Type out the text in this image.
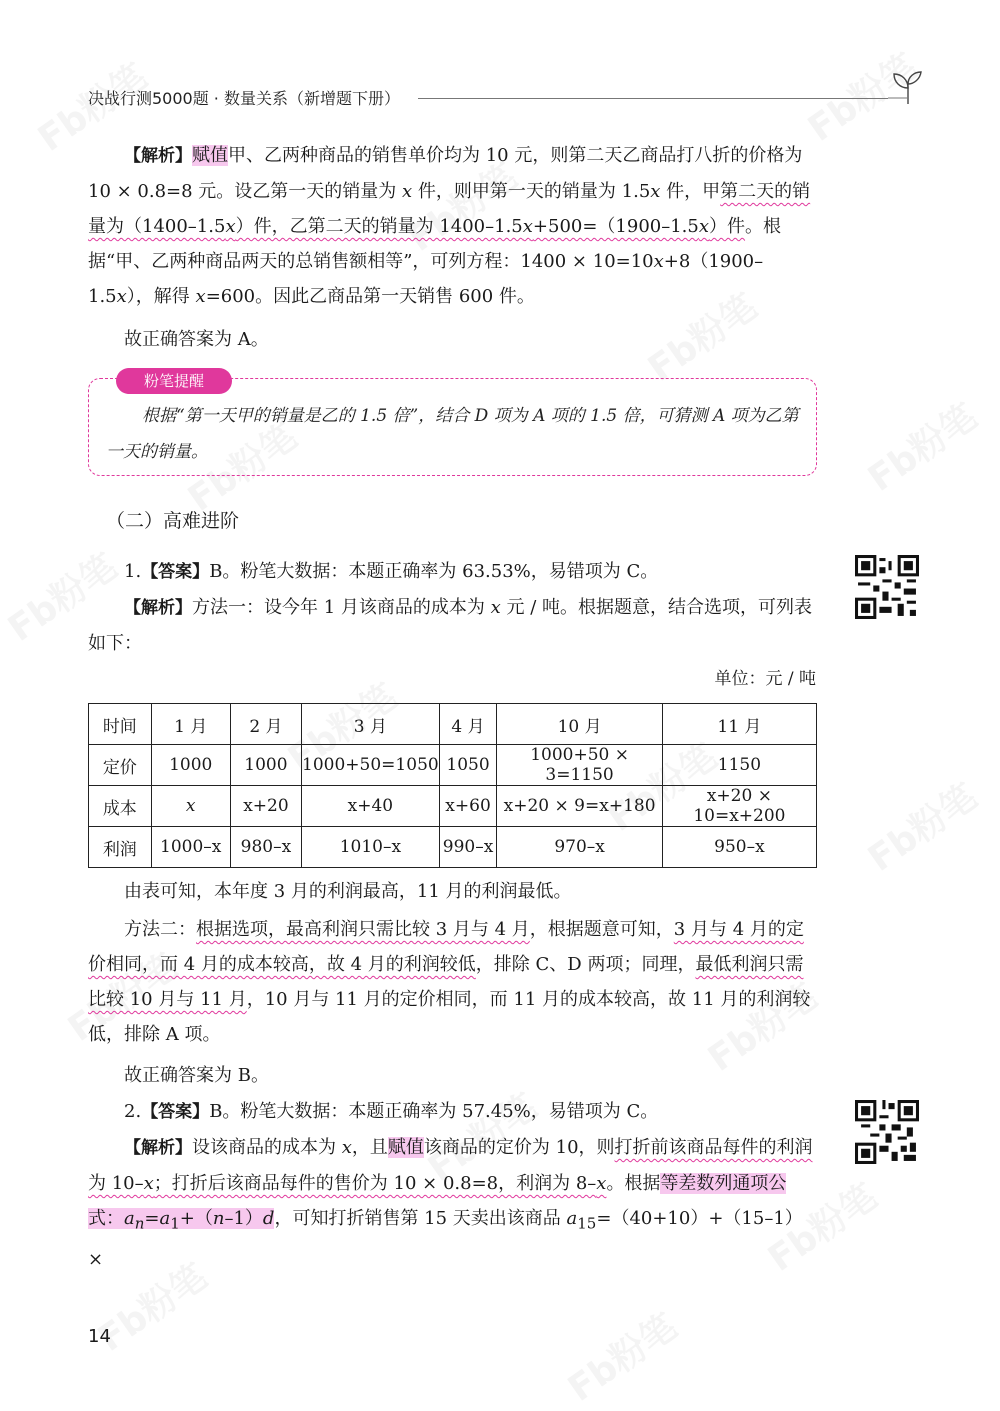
决战行测5000题 · 数量关系（新增题下册）
【解析】赋值甲、乙两种商品的销售单价均为 10 元，则第二天乙商品打八折的价格为 10 × 0.8=8 元。设乙第一天的销量为 x 件，则甲第一天的销量为 1.5x 件，甲第二天的销量为（1400–1.5x）件，乙第二天的销量为 1400–1.5x+500=（1900–1.5x）件。根据“甲、乙两种商品两天的总销售额相等”，可列方程：1400 × 10=10x+8（1900–1.5x），解得 x=600。因此乙商品第一天销售 600 件。
故正确答案为 A。
粉笔提醒
根据“第一天甲的销量是乙的 1.5 倍”，结合 D 项为 A 项的 1.5 倍，可猜测 A 项为乙第一天的销量。
（二）高难进阶
1.【答案】B。粉笔大数据：本题正确率为 63.53%，易错项为 C。
【解析】方法一：设今年 1 月该商品的成本为 x 元 / 吨。根据题意，结合选项，可列表如下：
单位：元 / 吨
时间	1 月	2 月	3 月	4 月	10 月	11 月
定价	1000	1000	1000+50=1050	1050	1000+50 × 3=1150	1150
成本	x	x+20	x+40	x+60	x+20 × 9=x+180	x+20 × 10=x+200
利润	1000–x	980–x	1010–x	990–x	970–x	950–x
由表可知，本年度 3 月的利润最高，11 月的利润最低。
方法二：根据选项，最高利润只需比较 3 月与 4 月，根据题意可知，3 月与 4 月的定价相同，而 4 月的成本较高，故 4 月的利润较低，排除 C、D 两项；同理，最低利润只需比较 10 月与 11 月，10 月与 11 月的定价相同，而 11 月的成本较高，故 11 月的利润较低，排除 A 项。
故正确答案为 B。
2.【答案】B。粉笔大数据：本题正确率为 57.45%，易错项为 C。
【解析】设该商品的成本为 x，且赋值该商品的定价为 10，则打折前该商品每件的利润为 10–x；打折后该商品每件的售价为 10 × 0.8=8，利润为 8–x。根据等差数列通项公式：$a_n=a_1+(n-1)d$，可知打折销售第 15 天卖出该商品 $a_{15}=(40+10)+(15-1)\times$
14
